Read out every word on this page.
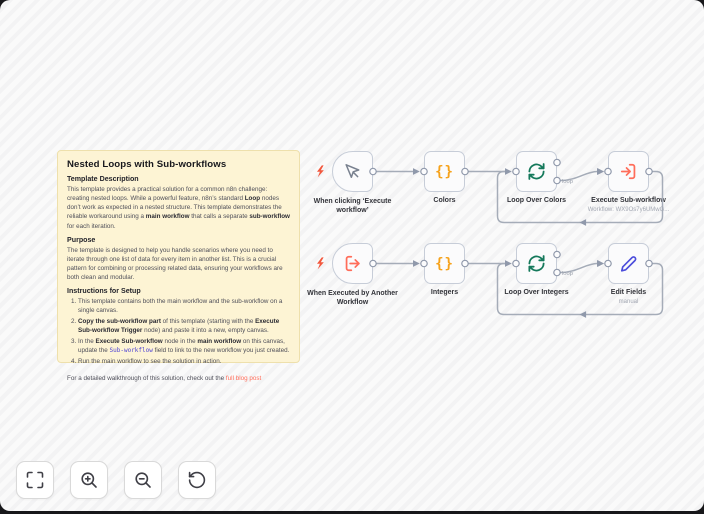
Nested Loops with Sub-workflows
Template Description

This template provides a practical solution for a common n8n challenge: creating nested loops. While a powerful feature, n8n’s standard Loop nodes don’t work as expected in a nested structure. This template demonstrates the reliable workaround using a main workflow that calls a separate sub-workflow for each iteration.

Purpose

The template is designed to help you handle scenarios where you need to iterate through one list of data for every item in another list. This is a crucial pattern for combining or processing related data, ensuring your workflows are both clean and modular.

Instructions for Setup
1. This template contains both the main workflow and the sub-workflow on a single canvas.
2. Copy the sub-workflow part of this template (starting with the Execute Sub-workflow Trigger node) and paste it into a new, empty canvas.
3. In the Execute Sub-workflow node in the main workflow on this canvas, update the Sub-workflow field to link to the new workflow you just created.
4. Run the main workflow to see the solution in action.

For a detailed walkthrough of this solution, check out the full blog post

When clicking ‘Execute workflow’
{}
Colors	Loop Over Colors	Execute Sub-workflow
Workflow: WX9Os7y6UMwG...
When Executed by Another Workflow
{}
Integers	Loop Over Integers	Edit Fields
manual
loop
loop
